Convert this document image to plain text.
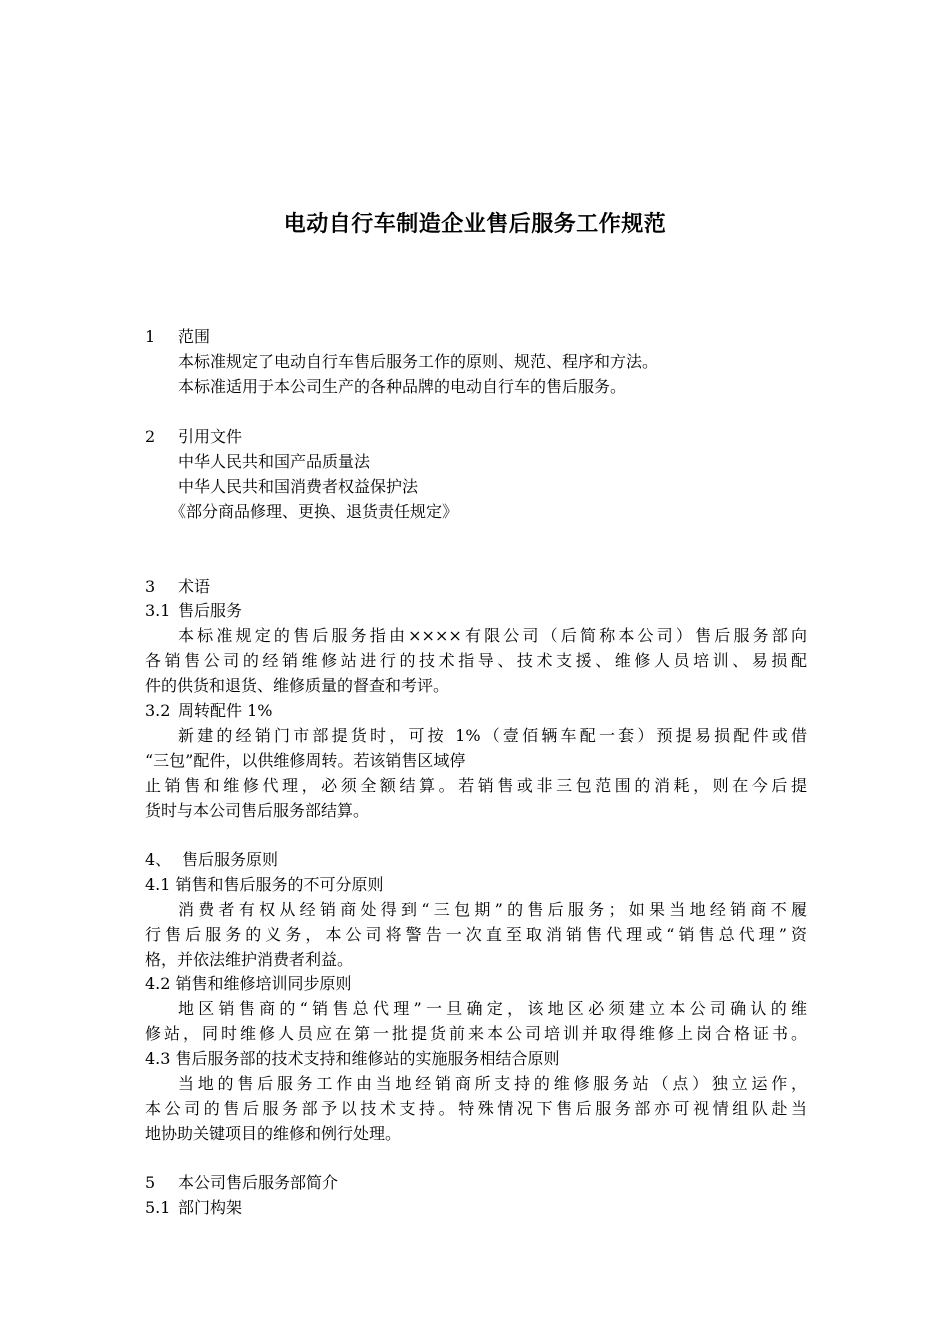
电动自行车制造企业售后服务工作规范
1 范围
本标准规定了电动自行车售后服务工作的原则、规范、程序和方法。
本标准适用于本公司生产的各种品牌的电动自行车的售后服务。
2 引用文件
中华人民共和国产品质量法
中华人民共和国消费者权益保护法
《部分商品修理、更换、退货责任规定》
3 术语
3.1 售后服务
本标准规定的售后服务指由××××有限公司（后简称本公司）售后服务部向
各销售公司的经销维修站进行的技术指导、技术支援、维修人员培训、易损配
件的供货和退货、维修质量的督查和考评。
3.2 周转配件 1%
新建的经销门市部提货时，可按 1%（壹佰辆车配一套）预提易损配件或借
“三包”配件，以供维修周转。若该销售区域停
止销售和维修代理，必须全额结算。若销售或非三包范围的消耗，则在今后提
货时与本公司售后服务部结算。
4、 售后服务原则
4.1 销售和售后服务的不可分原则
消费者有权从经销商处得到“三包期”的售后服务；如果当地经销商不履
行售后服务的义务，本公司将警告一次直至取消销售代理或“销售总代理”资
格，并依法维护消费者利益。
4.2 销售和维修培训同步原则
地区销售商的“销售总代理”一旦确定，该地区必须建立本公司确认的维
修站，同时维修人员应在第一批提货前来本公司培训并取得维修上岗合格证书。
4.3 售后服务部的技术支持和维修站的实施服务相结合原则
当地的售后服务工作由当地经销商所支持的维修服务站（点）独立运作，
本公司的售后服务部予以技术支持。特殊情况下售后服务部亦可视情组队赴当
地协助关键项目的维修和例行处理。
5 本公司售后服务部简介
5.1 部门构架
